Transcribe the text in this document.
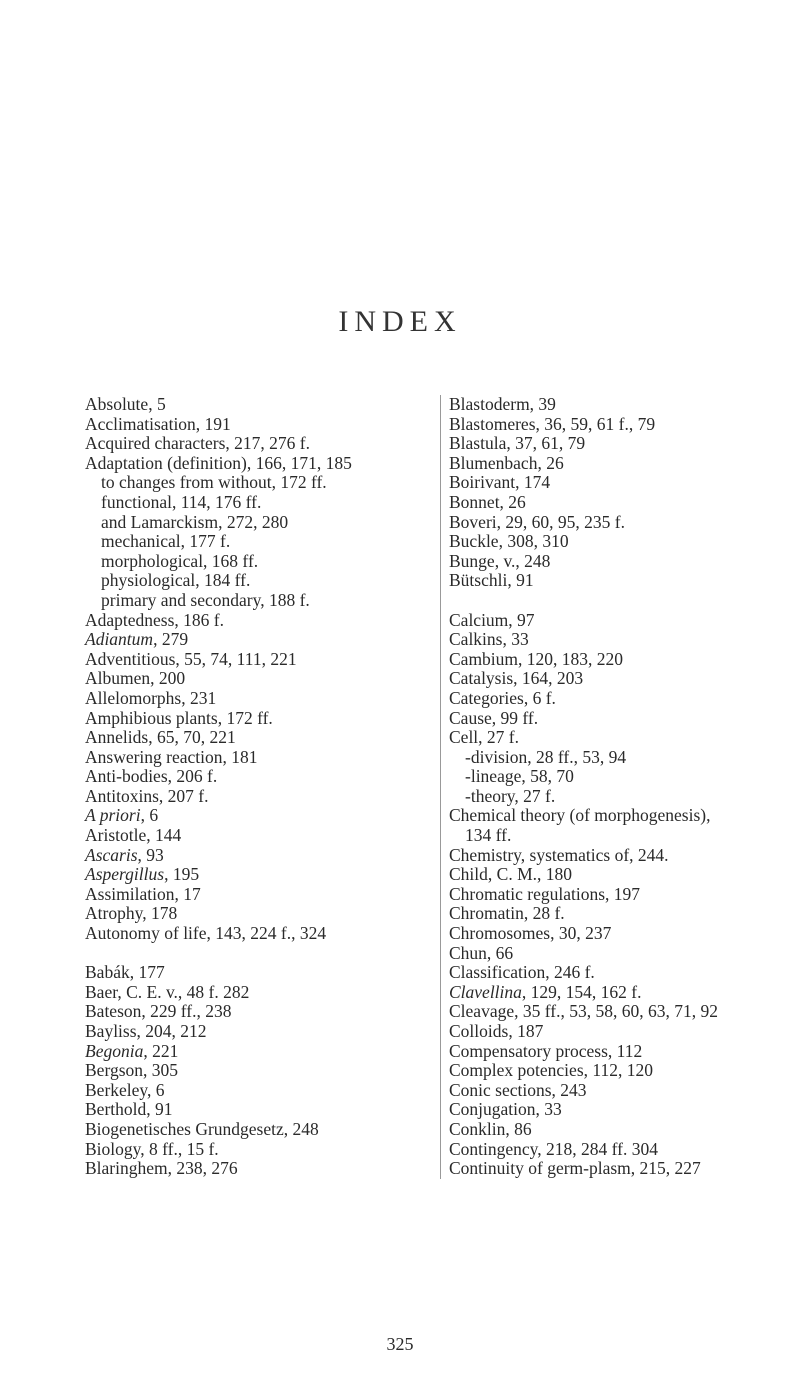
INDEX
Absolute, 5
Acclimatisation, 191
Acquired characters, 217, 276 f.
Adaptation (definition), 166, 171, 185
to changes from without, 172 ff.
functional, 114, 176 ff.
and Lamarckism, 272, 280
mechanical, 177 f.
morphological, 168 ff.
physiological, 184 ff.
primary and secondary, 188 f.
Adaptedness, 186 f.
Adiantum, 279
Adventitious, 55, 74, 111, 221
Albumen, 200
Allelomorphs, 231
Amphibious plants, 172 ff.
Annelids, 65, 70, 221
Answering reaction, 181
Anti-bodies, 206 f.
Antitoxins, 207 f.
A priori, 6
Aristotle, 144
Ascaris, 93
Aspergillus, 195
Assimilation, 17
Atrophy, 178
Autonomy of life, 143, 224 f., 324
Babák, 177
Baer, C. E. v., 48 f. 282
Bateson, 229 ff., 238
Bayliss, 204, 212
Begonia, 221
Bergson, 305
Berkeley, 6
Berthold, 91
Biogenetisches Grundgesetz, 248
Biology, 8 ff., 15 f.
Blaringhem, 238, 276
Blastoderm, 39
Blastomeres, 36, 59, 61 f., 79
Blastula, 37, 61, 79
Blumenbach, 26
Boirivant, 174
Bonnet, 26
Boveri, 29, 60, 95, 235 f.
Buckle, 308, 310
Bunge, v., 248
Bütschli, 91
Calcium, 97
Calkins, 33
Cambium, 120, 183, 220
Catalysis, 164, 203
Categories, 6 f.
Cause, 99 ff.
Cell, 27 f.
-division, 28 ff., 53, 94
-lineage, 58, 70
-theory, 27 f.
Chemical theory (of morphogenesis),
134 ff.
Chemistry, systematics of, 244.
Child, C. M., 180
Chromatic regulations, 197
Chromatin, 28 f.
Chromosomes, 30, 237
Chun, 66
Classification, 246 f.
Clavellina, 129, 154, 162 f.
Cleavage, 35 ff., 53, 58, 60, 63, 71, 92
Colloids, 187
Compensatory process, 112
Complex potencies, 112, 120
Conic sections, 243
Conjugation, 33
Conklin, 86
Contingency, 218, 284 ff. 304
Continuity of germ-plasm, 215, 227
325
